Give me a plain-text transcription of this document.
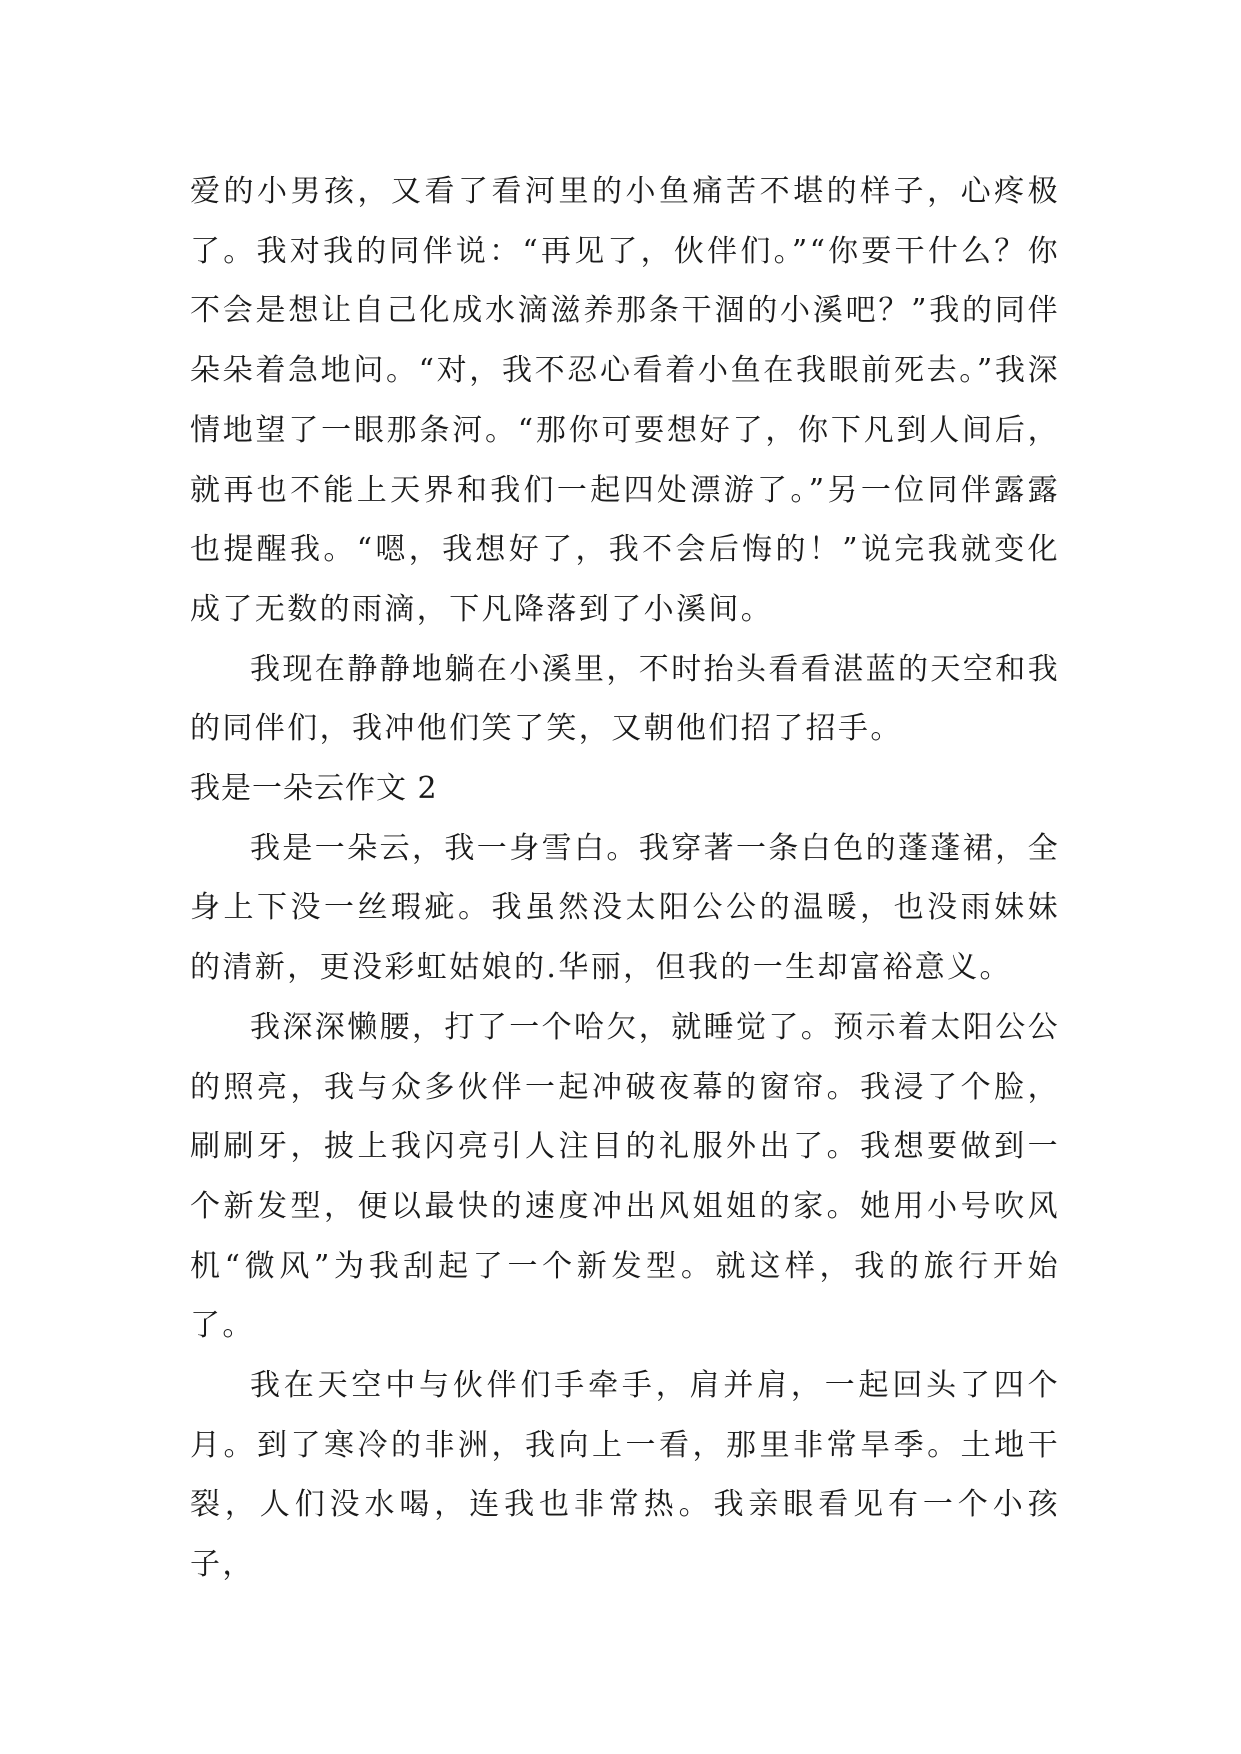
爱的小男孩，又看了看河里的小鱼痛苦不堪的样子，心疼极了。我对我的同伴说：“再见了，伙伴们。”“你要干什么？你不会是想让自己化成水滴滋养那条干涸的小溪吧？”我的同伴朵朵着急地问。“对，我不忍心看着小鱼在我眼前死去。”我深情地望了一眼那条河。“那你可要想好了，你下凡到人间后，就再也不能上天界和我们一起四处漂游了。”另一位同伴露露也提醒我。“嗯，我想好了，我不会后悔的！”说完我就变化成了无数的雨滴，下凡降落到了小溪间。

我现在静静地躺在小溪里，不时抬头看看湛蓝的天空和我的同伴们，我冲他们笑了笑，又朝他们招了招手。

我是一朵云作文 2

我是一朵云，我一身雪白。我穿著一条白色的蓬蓬裙，全身上下没一丝瑕疵。我虽然没太阳公公的温暖，也没雨妹妹的清新，更没彩虹姑娘的.华丽，但我的一生却富裕意义。

我深深懒腰，打了一个哈欠，就睡觉了。预示着太阳公公的照亮，我与众多伙伴一起冲破夜幕的窗帘。我浸了个脸，刷刷牙，披上我闪亮引人注目的礼服外出了。我想要做到一个新发型，便以最快的速度冲出风姐姐的家。她用小号吹风机“微风”为我刮起了一个新发型。就这样，我的旅行开始了。

我在天空中与伙伴们手牵手，肩并肩，一起回头了四个月。到了寒冷的非洲，我向上一看，那里非常旱季。土地干裂，人们没水喝，连我也非常热。我亲眼看见有一个小孩子，
